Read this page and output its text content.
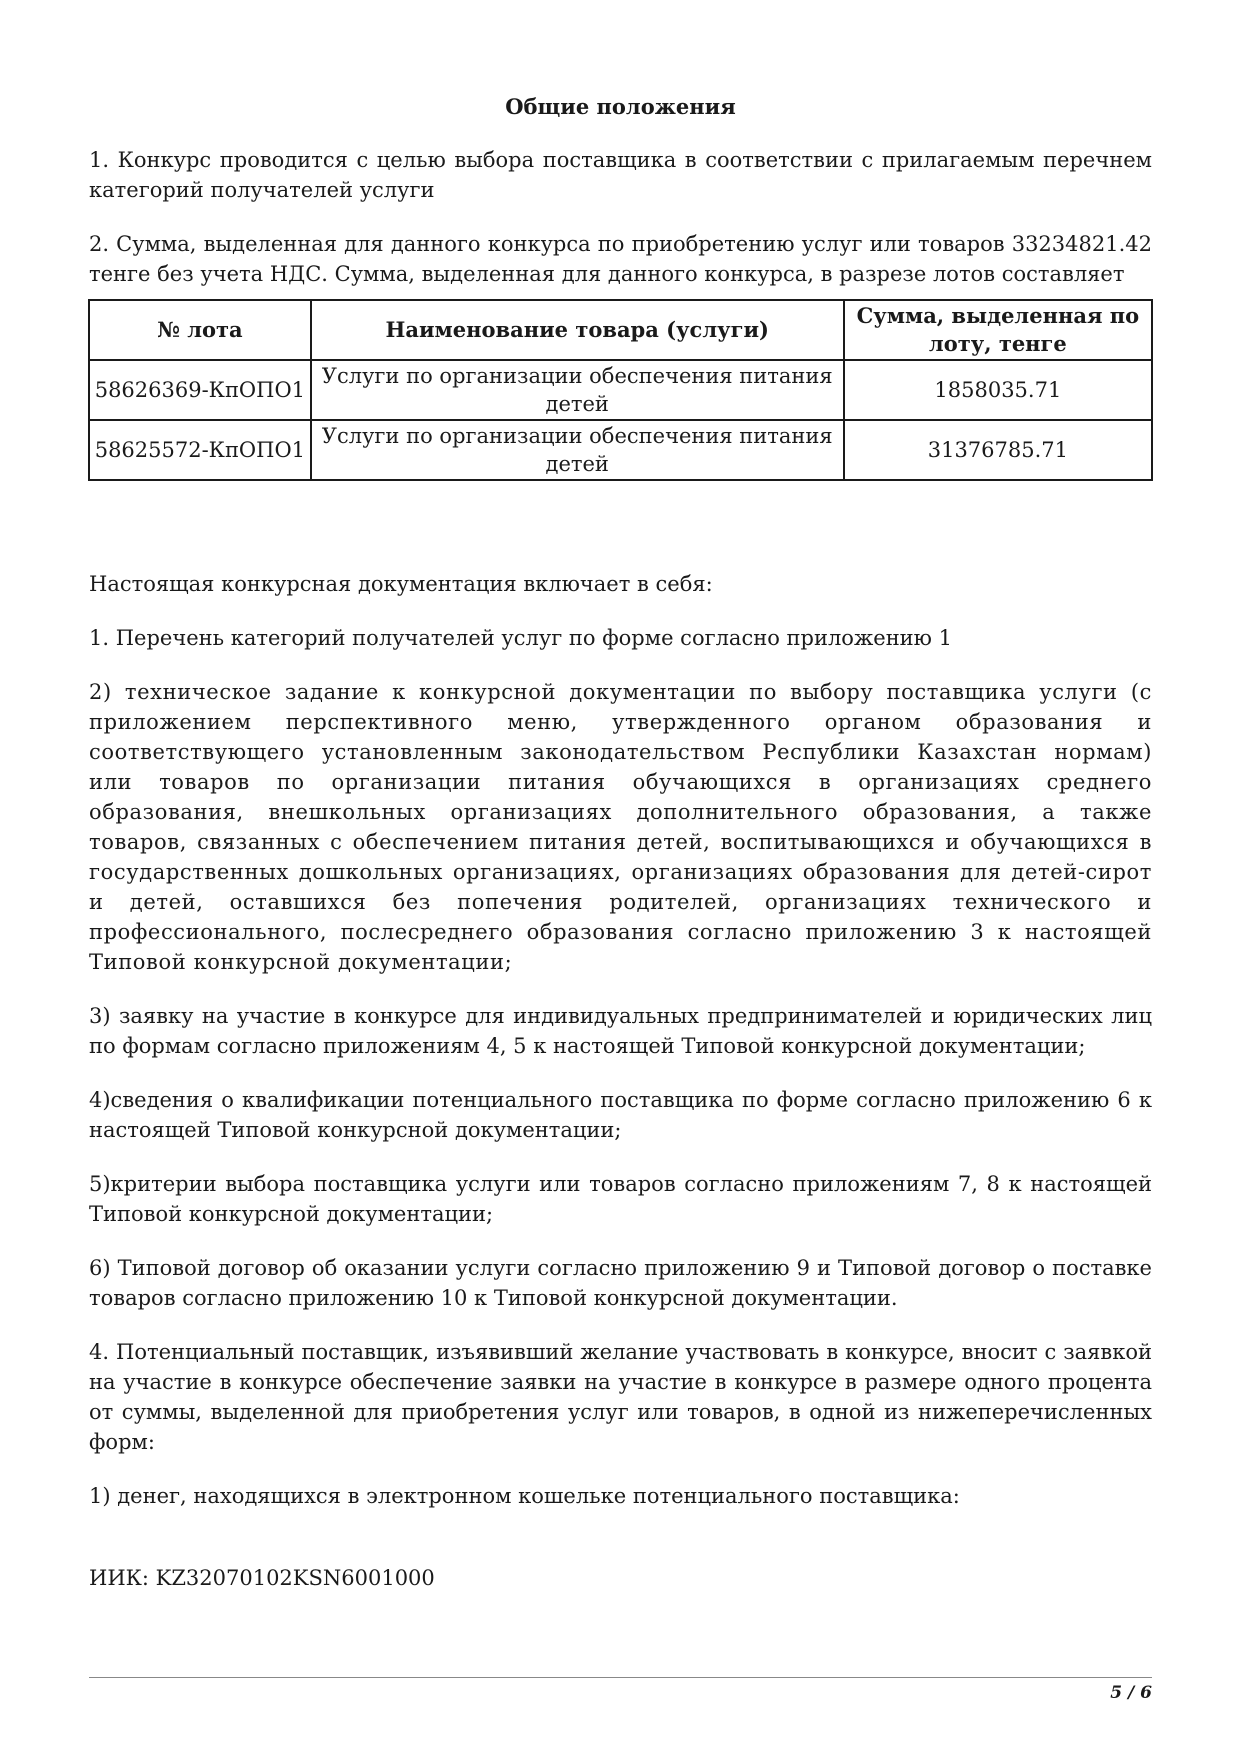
Общие положения

1. Конкурс проводится с целью выбора поставщика в соответствии с прилагаемым перечнем категорий получателей услуги

2. Сумма, выделенная для данного конкурса по приобретению услуг или товаров 33234821.42 тенге без учета НДС. Сумма, выделенная для данного конкурса, в разрезе лотов составляет

№ лота	Наименование товара (услуги)	Сумма, выделенная по лоту, тенге
58626369-КпОПО1	Услуги по организации обеспечения питания детей	1858035.71
58625572-КпОПО1	Услуги по организации обеспечения питания детей	31376785.71

Настоящая конкурсная документация включает в себя:

1. Перечень категорий получателей услуг по форме согласно приложению 1

2) техническое задание к конкурсной документации по выбору поставщика услуги (с приложением перспективного меню, утвержденного органом образования и соответствующего установленным законодательством Республики Казахстан нормам) или товаров по организации питания обучающихся в организациях среднего образования, внешкольных организациях дополнительного образования, а также товаров, связанных с обеспечением питания детей, воспитывающихся и обучающихся в государственных дошкольных организациях, организациях образования для детей-сирот и детей, оставшихся без попечения родителей, организациях технического и профессионального, послесреднего образования согласно приложению 3 к настоящей Типовой конкурсной документации;

3) заявку на участие в конкурсе для индивидуальных предпринимателей и юридических лиц по формам согласно приложениям 4, 5 к настоящей Типовой конкурсной документации;

4)сведения о квалификации потенциального поставщика по форме согласно приложению 6 к настоящей Типовой конкурсной документации;

5)критерии выбора поставщика услуги или товаров согласно приложениям 7, 8 к настоящей Типовой конкурсной документации;

6) Типовой договор об оказании услуги согласно приложению 9 и Типовой договор о поставке товаров согласно приложению 10 к Типовой конкурсной документации.

4. Потенциальный поставщик, изъявивший желание участвовать в конкурсе, вносит с заявкой на участие в конкурсе обеспечение заявки на участие в конкурсе в размере одного процента от суммы, выделенной для приобретения услуг или товаров, в одной из нижеперечисленных форм:

1) денег, находящихся в электронном кошельке потенциального поставщика:

ИИК: KZ32070102KSN6001000

5 / 6
